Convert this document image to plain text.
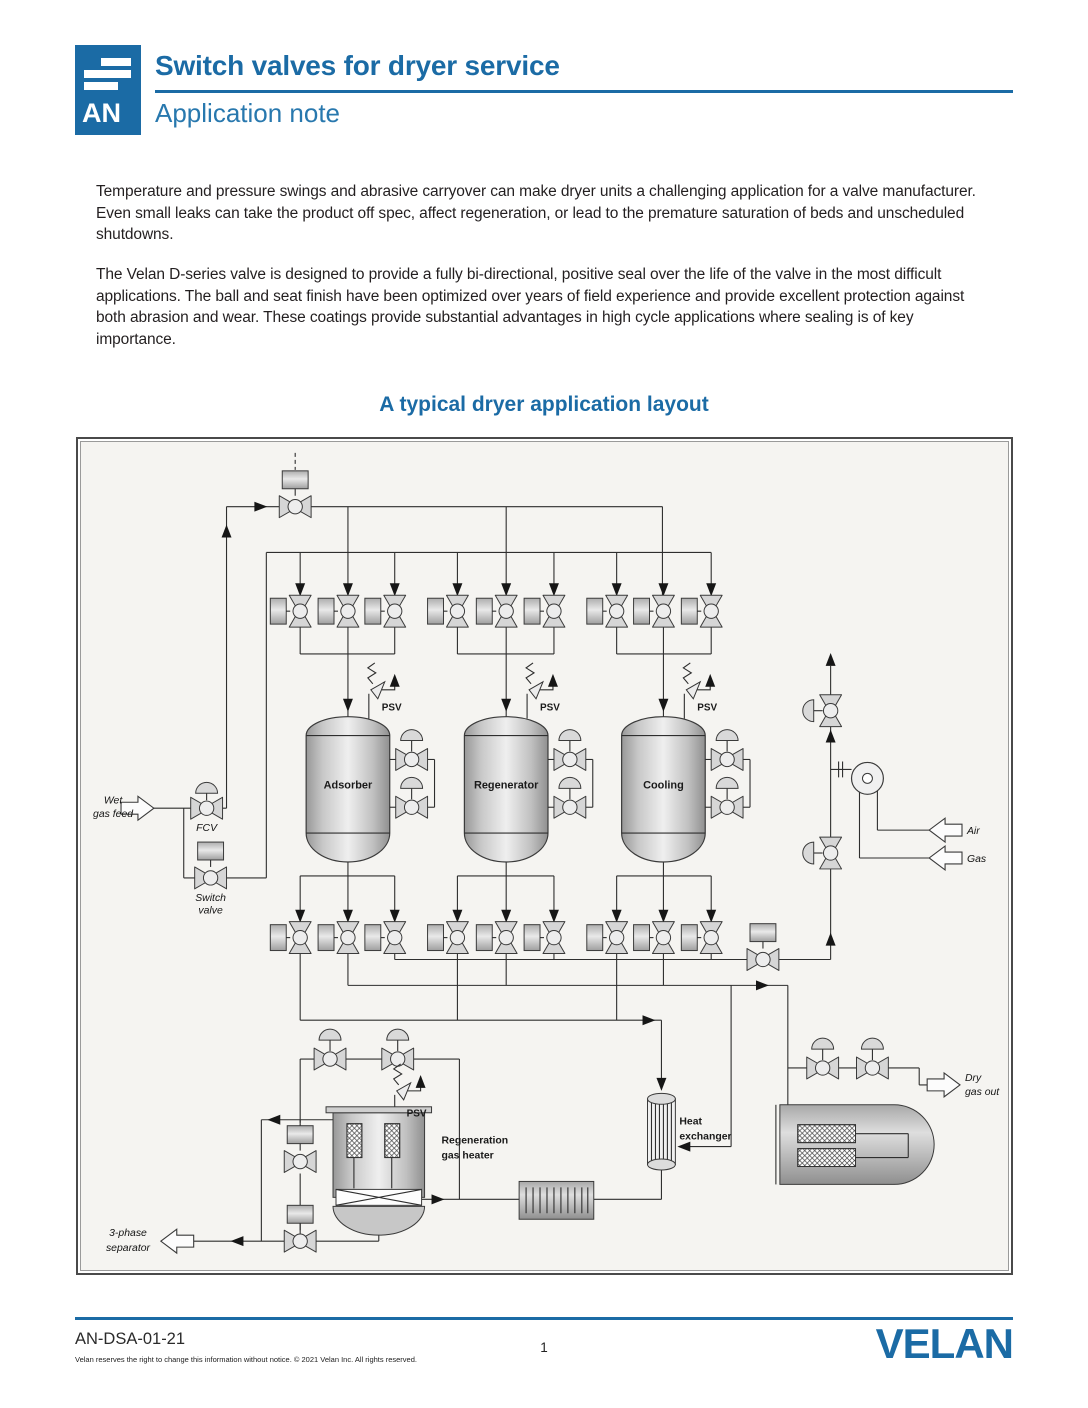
AN
Switch valves for dryer service
Application note
Temperature and pressure swings and abrasive carryover can make dryer units a challenging application for a valve manufacturer. Even small leaks can take the product off spec, affect regeneration, or lead to the premature saturation of beds and unscheduled shutdowns.
The Velan D-series valve is designed to provide a fully bi-directional, positive seal over the life of the valve in the most difficult applications. The ball and seat finish have been optimized over years of field experience and provide excellent protection against both abrasion and wear. These coatings provide substantial advantages in high cycle applications where sealing is of key importance.
A typical dryer application layout
Adsorber	Regenerator	Cooling
Heat
exchanger
Regeneration
gas heater
PSV	PSV	PSV
PSV
Wet
gas feed
FCV
Switch
valve
Air
Gas
Dry
gas out
3-phase
separator
AN-DSA-01-21
Velan reserves the right to change this information without notice. © 2021 Velan Inc. All rights reserved.
1	VELAN
